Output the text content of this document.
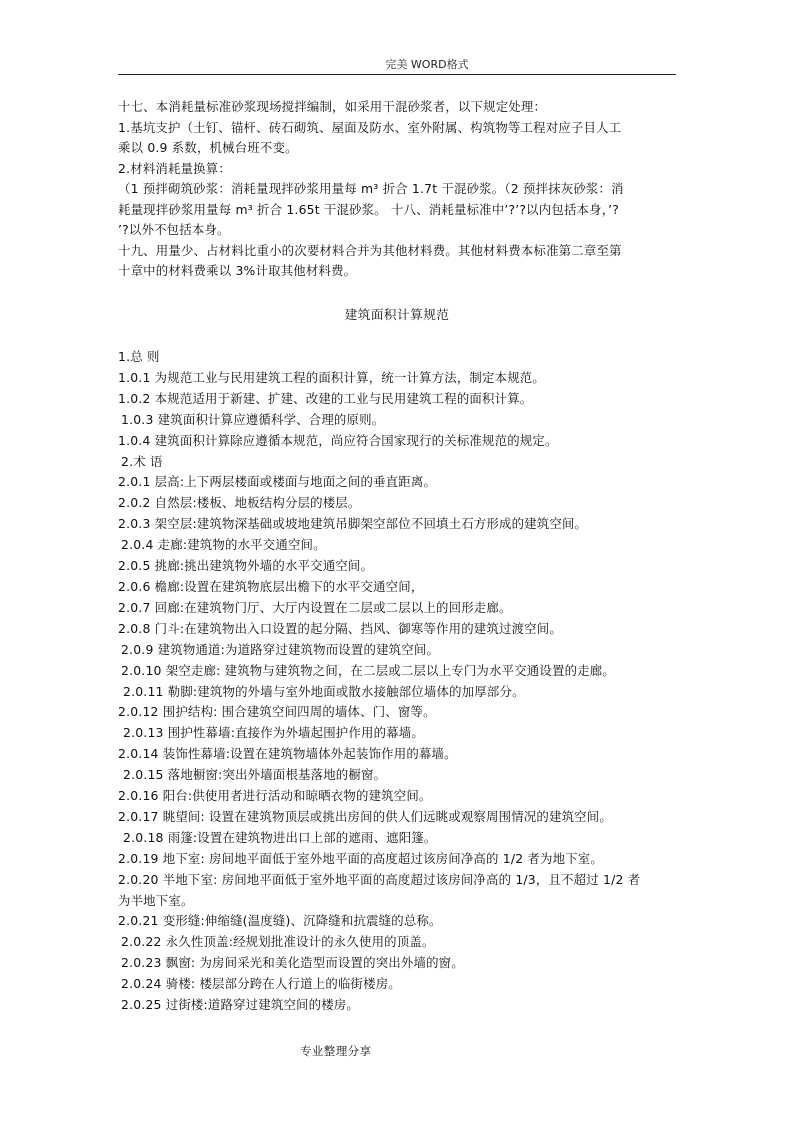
完美 WORD格式

十七、本消耗量标准砂浆现场搅拌编制，如采用干混砂浆者，以下规定处理：

1.基坑支护（土钉、锚杆、砖石砌筑、屋面及防水、室外附属、构筑物等工程对应子目人工

乘以 0.9 系数，机械台班不变。

2.材料消耗量换算：

（1 预拌砌筑砂浆：消耗量现拌砂浆用量每 m³ 折合 1.7t 干混砂浆。（2 预拌抹灰砂浆：消

耗量现拌砂浆用量每 m³ 折合 1.65t 干混砂浆。 十八、消耗量标准中’?’?以内包括本身，’?

’?以外不包括本身。

十九、用量少、占材料比重小的次要材料合并为其他材料费。其他材料费本标准第二章至第

十章中的材料费乘以 3%计取其他材料费。

建筑面积计算规范

1.总 则

1.0.1 为规范工业与民用建筑工程的面积计算，统一计算方法，制定本规范。

1.0.2 本规范适用于新建、扩建、改建的工业与民用建筑工程的面积计算。

1.0.3 建筑面积计算应遵循科学、合理的原则。

1.0.4 建筑面积计算除应遵循本规范，尚应符合国家现行的关标准规范的规定。

2.术 语

2.0.1 层高:上下两层楼面或楼面与地面之间的垂直距离。

2.0.2 自然层:楼板、地板结构分层的楼层。

2.0.3 架空层:建筑物深基础或坡地建筑吊脚架空部位不回填土石方形成的建筑空间。

2.0.4 走廊:建筑物的水平交通空间。

2.0.5 挑廊:挑出建筑物外墙的水平交通空间。

2.0.6 檐廊:设置在建筑物底层出檐下的水平交通空间，

2.0.7 回廊:在建筑物门厅、大厅内设置在二层或二层以上的回形走廊。

2.0.8 门斗:在建筑物出入口设置的起分隔、挡风、御寒等作用的建筑过渡空间。

2.0.9 建筑物通道:为道路穿过建筑物而设置的建筑空间。

2.0.10 架空走廊: 建筑物与建筑物之间，在二层或二层以上专门为水平交通设置的走廊。

2.0.11 勒脚:建筑物的外墙与室外地面或散水接触部位墙体的加厚部分。

2.0.12 围护结构: 围合建筑空间四周的墙体、门、窗等。

2.0.13 围护性幕墙:直接作为外墙起围护作用的幕墙。

2.0.14 装饰性幕墙:设置在建筑物墙体外起装饰作用的幕墙。

2.0.15 落地橱窗:突出外墙面根基落地的橱窗。

2.0.16 阳台:供使用者进行活动和晾晒衣物的建筑空间。

2.0.17 眺望间: 设置在建筑物顶层或挑出房间的供人们远眺或观察周围情况的建筑空间。

2.0.18 雨篷:设置在建筑物进出口上部的遮雨、遮阳篷。

2.0.19 地下室: 房间地平面低于室外地平面的高度超过该房间净高的 1/2 者为地下室。

2.0.20 半地下室: 房间地平面低于室外地平面的高度超过该房间净高的 1/3，且不超过 1/2 者

为半地下室。

2.0.21 变形缝:伸缩缝(温度缝)、沉降缝和抗震缝的总称。

2.0.22 永久性顶盖:经规划批准设计的永久使用的顶盖。

2.0.23 飘窗: 为房间采光和美化造型而设置的突出外墙的窗。

2.0.24 骑楼: 楼层部分跨在人行道上的临街楼房。

2.0.25 过街楼:道路穿过建筑空间的楼房。

专业整理分享
